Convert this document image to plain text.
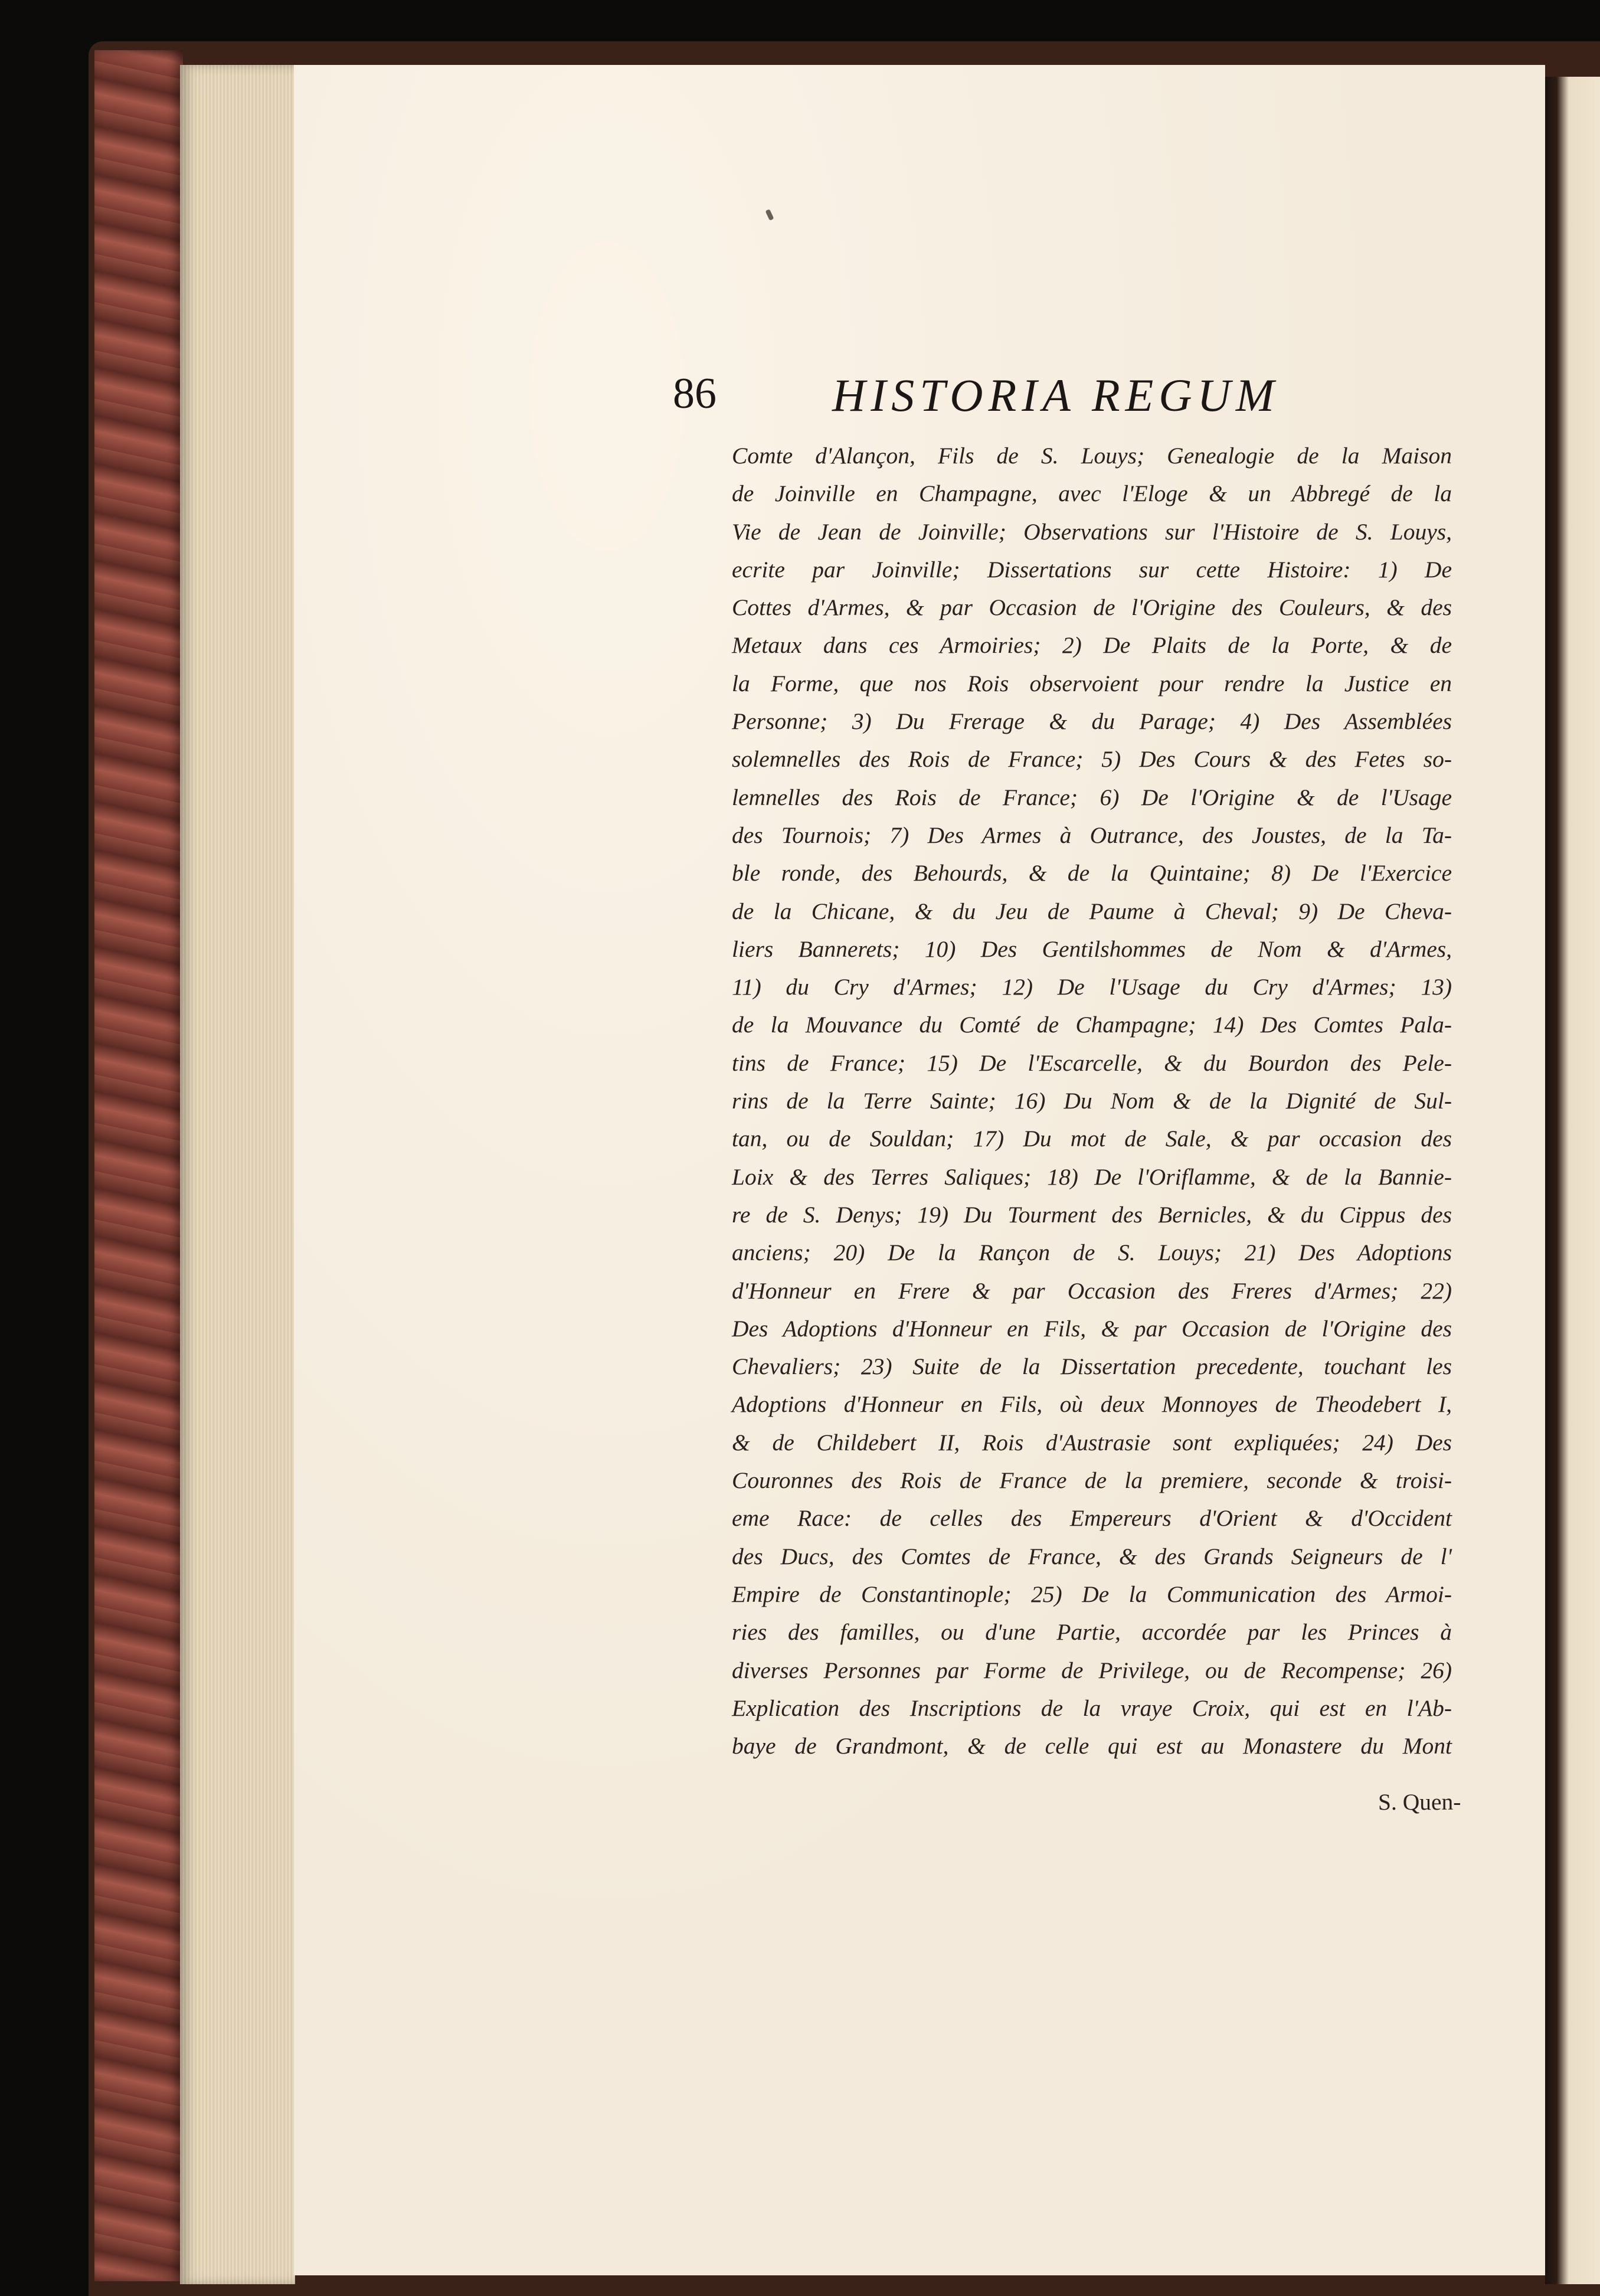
86	HISTORIA REGUM
Comte d'Alançon, Fils de S. Louys; Genealogie de la Maison
de Joinville en Champagne, avec l'Eloge & un Abbregé de la
Vie de Jean de Joinville; Observations sur l'Histoire de S. Louys,
ecrite par Joinville; Dissertations sur cette Histoire: 1) De
Cottes d'Armes, & par Occasion de l'Origine des Couleurs, & des
Metaux dans ces Armoiries; 2) De Plaits de la Porte, & de
la Forme, que nos Rois observoient pour rendre la Justice en
Personne; 3) Du Frerage & du Parage; 4) Des Assemblées
solemnelles des Rois de France; 5) Des Cours & des Fetes so-
lemnelles des Rois de France; 6) De l'Origine & de l'Usage
des Tournois; 7) Des Armes à Outrance, des Joustes, de la Ta-
ble ronde, des Behourds, & de la Quintaine; 8) De l'Exercice
de la Chicane, & du Jeu de Paume à Cheval; 9) De Cheva-
liers Bannerets; 10) Des Gentilshommes de Nom & d'Armes,
11) du Cry d'Armes; 12) De l'Usage du Cry d'Armes; 13)
de la Mouvance du Comté de Champagne; 14) Des Comtes Pala-
tins de France; 15) De l'Escarcelle, & du Bourdon des Pele-
rins de la Terre Sainte; 16) Du Nom & de la Dignité de Sul-
tan, ou de Souldan; 17) Du mot de Sale, & par occasion des
Loix & des Terres Saliques; 18) De l'Oriflamme, & de la Bannie-
re de S. Denys; 19) Du Tourment des Bernicles, & du Cippus des
anciens; 20) De la Rançon de S. Louys; 21) Des Adoptions
d'Honneur en Frere & par Occasion des Freres d'Armes; 22)
Des Adoptions d'Honneur en Fils, & par Occasion de l'Origine des
Chevaliers; 23) Suite de la Dissertation precedente, touchant les
Adoptions d'Honneur en Fils, où deux Monnoyes de Theodebert I,
& de Childebert II, Rois d'Austrasie sont expliquées; 24) Des
Couronnes des Rois de France de la premiere, seconde & troisi-
eme Race: de celles des Empereurs d'Orient & d'Occident
des Ducs, des Comtes de France, & des Grands Seigneurs de l'
Empire de Constantinople; 25) De la Communication des Armoi-
ries des familles, ou d'une Partie, accordée par les Princes à
diverses Personnes par Forme de Privilege, ou de Recompense; 26)
Explication des Inscriptions de la vraye Croix, qui est en l'Ab-
baye de Grandmont, & de celle qui est au Monastere du Mont
S. Quen-
